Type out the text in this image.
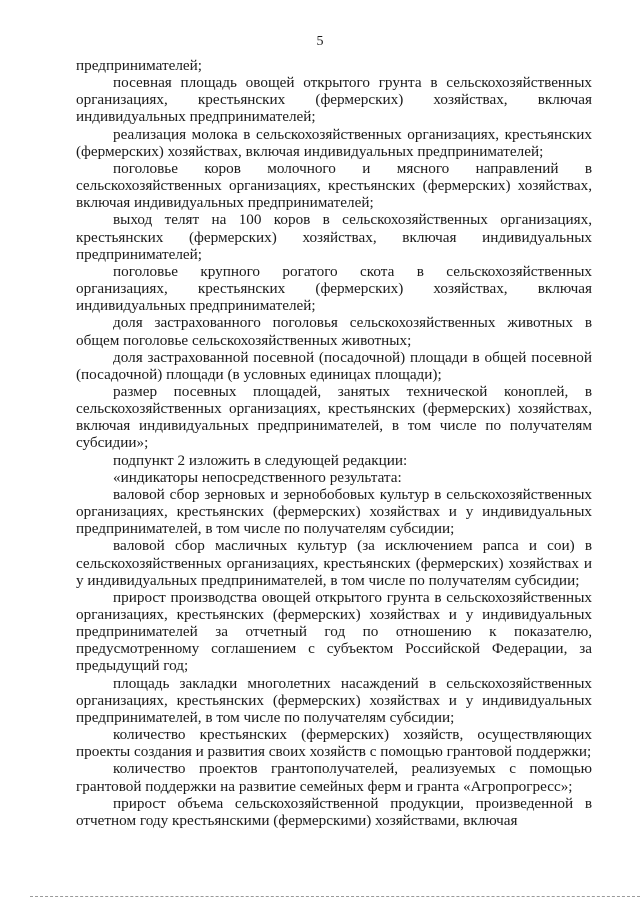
5

предпринимателей;

посевная площадь овощей открытого грунта в сельскохозяйственных организациях, крестьянских (фермерских) хозяйствах, включая индивидуальных предпринимателей;

реализация молока в сельскохозяйственных организациях, крестьянских (фермерских) хозяйствах, включая индивидуальных предпринимателей;

поголовье коров молочного и мясного направлений в сельскохозяйственных организациях, крестьянских (фермерских) хозяйствах, включая индивидуальных предпринимателей;

выход телят на 100 коров в сельскохозяйственных организациях, крестьянских (фермерских) хозяйствах, включая индивидуальных предпринимателей;

поголовье крупного рогатого скота в сельскохозяйственных организациях, крестьянских (фермерских) хозяйствах, включая индивидуальных предпринимателей;

доля застрахованного поголовья сельскохозяйственных животных в общем поголовье сельскохозяйственных животных;

доля застрахованной посевной (посадочной) площади в общей посевной (посадочной) площади (в условных единицах площади);

размер посевных площадей, занятых технической коноплей, в сельскохозяйственных организациях, крестьянских (фермерских) хозяйствах, включая индивидуальных предпринимателей, в том числе по получателям субсидии»;

подпункт 2 изложить в следующей редакции:

«индикаторы непосредственного результата:

валовой сбор зерновых и зернобобовых культур в сельскохозяйственных организациях, крестьянских (фермерских) хозяйствах и у индивидуальных предпринимателей, в том числе по получателям субсидии;

валовой сбор масличных культур (за исключением рапса и сои) в сельскохозяйственных организациях, крестьянских (фермерских) хозяйствах и у индивидуальных предпринимателей, в том числе по получателям субсидии;

прирост производства овощей открытого грунта в сельскохозяйственных организациях, крестьянских (фермерских) хозяйствах и у индивидуальных предпринимателей за отчетный год по отношению к показателю, предусмотренному соглашением с субъектом Российской Федерации, за предыдущий год;

площадь закладки многолетних насаждений в сельскохозяйственных организациях, крестьянских (фермерских) хозяйствах и у индивидуальных предпринимателей, в том числе по получателям субсидии;

количество крестьянских (фермерских) хозяйств, осуществляющих проекты создания и развития своих хозяйств с помощью грантовой поддержки;

количество проектов грантополучателей, реализуемых с помощью грантовой поддержки на развитие семейных ферм и гранта «Агропрогресс»;

прирост объема сельскохозяйственной продукции, произведенной в отчетном году крестьянскими (фермерскими) хозяйствами, включая
